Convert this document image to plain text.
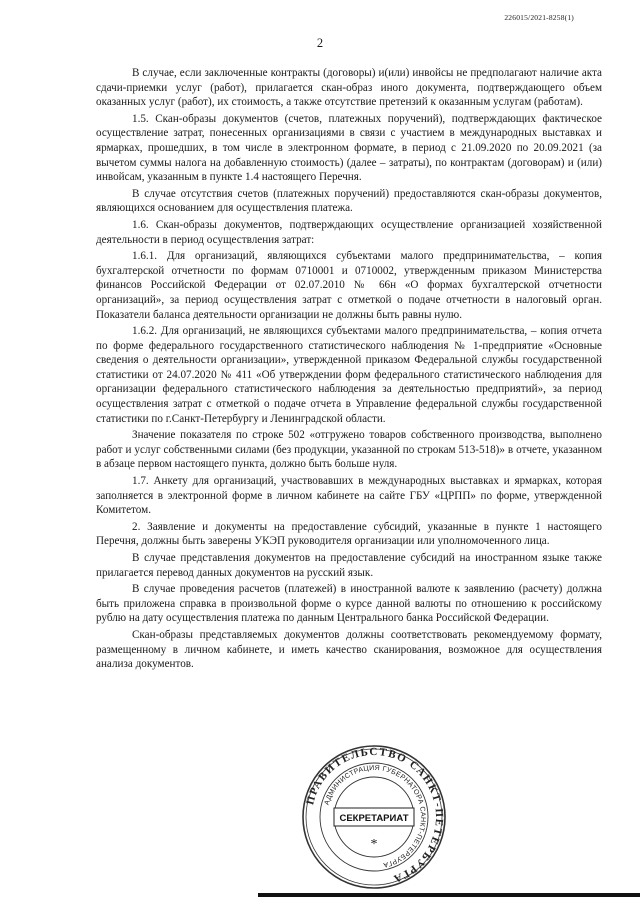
226015/2021-8258(1)
2

В случае, если заключенные контракты (договоры) и(или) инвойсы не предполагают наличие акта сдачи-приемки услуг (работ), прилагается скан-образ иного документа, подтверждающего объем оказанных услуг (работ), их стоимость, а также отсутствие претензий к оказанным услугам (работам).

1.5. Скан-образы документов (счетов, платежных поручений), подтверждающих фактическое осуществление затрат, понесенных организациями в связи с участием в международных выставках и ярмарках, прошедших, в том числе в электронном формате, в период с 21.09.2020 по 20.09.2021 (за вычетом суммы налога на добавленную стоимость) (далее – затраты), по контрактам (договорам) и (или) инвойсам, указанным в пункте 1.4 настоящего Перечня.

В случае отсутствия счетов (платежных поручений) предоставляются скан-образы документов, являющихся основанием для осуществления платежа.

1.6. Скан-образы документов, подтверждающих осуществление организацией хозяйственной деятельности в период осуществления затрат:

1.6.1. Для организаций, являющихся субъектами малого предпринимательства, – копия бухгалтерской отчетности по формам 0710001 и 0710002, утвержденным приказом Министерства финансов Российской Федерации от 02.07.2010 № 66н «О формах бухгалтерской отчетности организаций», за период осуществления затрат с отметкой о подаче отчетности в налоговый орган. Показатели баланса деятельности организации не должны быть равны нулю.

1.6.2. Для организаций, не являющихся субъектами малого предпринимательства, – копия отчета по форме федерального государственного статистического наблюдения № 1-предприятие «Основные сведения о деятельности организации», утвержденной приказом Федеральной службы государственной статистики от 24.07.2020 № 411 «Об утверждении форм федерального статистического наблюдения для организации федерального статистического наблюдения за деятельностью предприятий», за период осуществления затрат с отметкой о подаче отчета в Управление федеральной службы государственной статистики по г.Санкт-Петербургу и Ленинградской области.

Значение показателя по строке 502 «отгружено товаров собственного производства, выполнено работ и услуг собственными силами (без продукции, указанной по строкам 513-518)» в отчете, указанном в абзаце первом настоящего пункта, должно быть больше нуля.

1.7. Анкету для организаций, участвовавших в международных выставках и ярмарках, которая заполняется в электронной форме в личном кабинете на сайте ГБУ «ЦРПП» по форме, утвержденной Комитетом.

2. Заявление и документы на предоставление субсидий, указанные в пункте 1 настоящего Перечня, должны быть заверены УКЭП руководителя организации или уполномоченного лица.

В случае представления документов на предоставление субсидий на иностранном языке также прилагается перевод данных документов на русский язык.

В случае проведения расчетов (платежей) в иностранной валюте к заявлению (расчету) должна быть приложена справка в произвольной форме о курсе данной валюты по отношению к российскому рублю на дату осуществления платежа по данным Центрального банка Российской Федерации.

Скан-образы представляемых документов должны соответствовать рекомендуемому формату, размещенному в личном кабинете, и иметь качество сканирования, возможное для осуществления анализа документов.

ПРАВИТЕЛЬСТВО САНКТ-ПЕТЕРБУРГА
АДМИНИСТРАЦИЯ ГУБЕРНАТОРА САНКТ-ПЕТЕРБУРГА
СЕКРЕТАРИАТ
*
